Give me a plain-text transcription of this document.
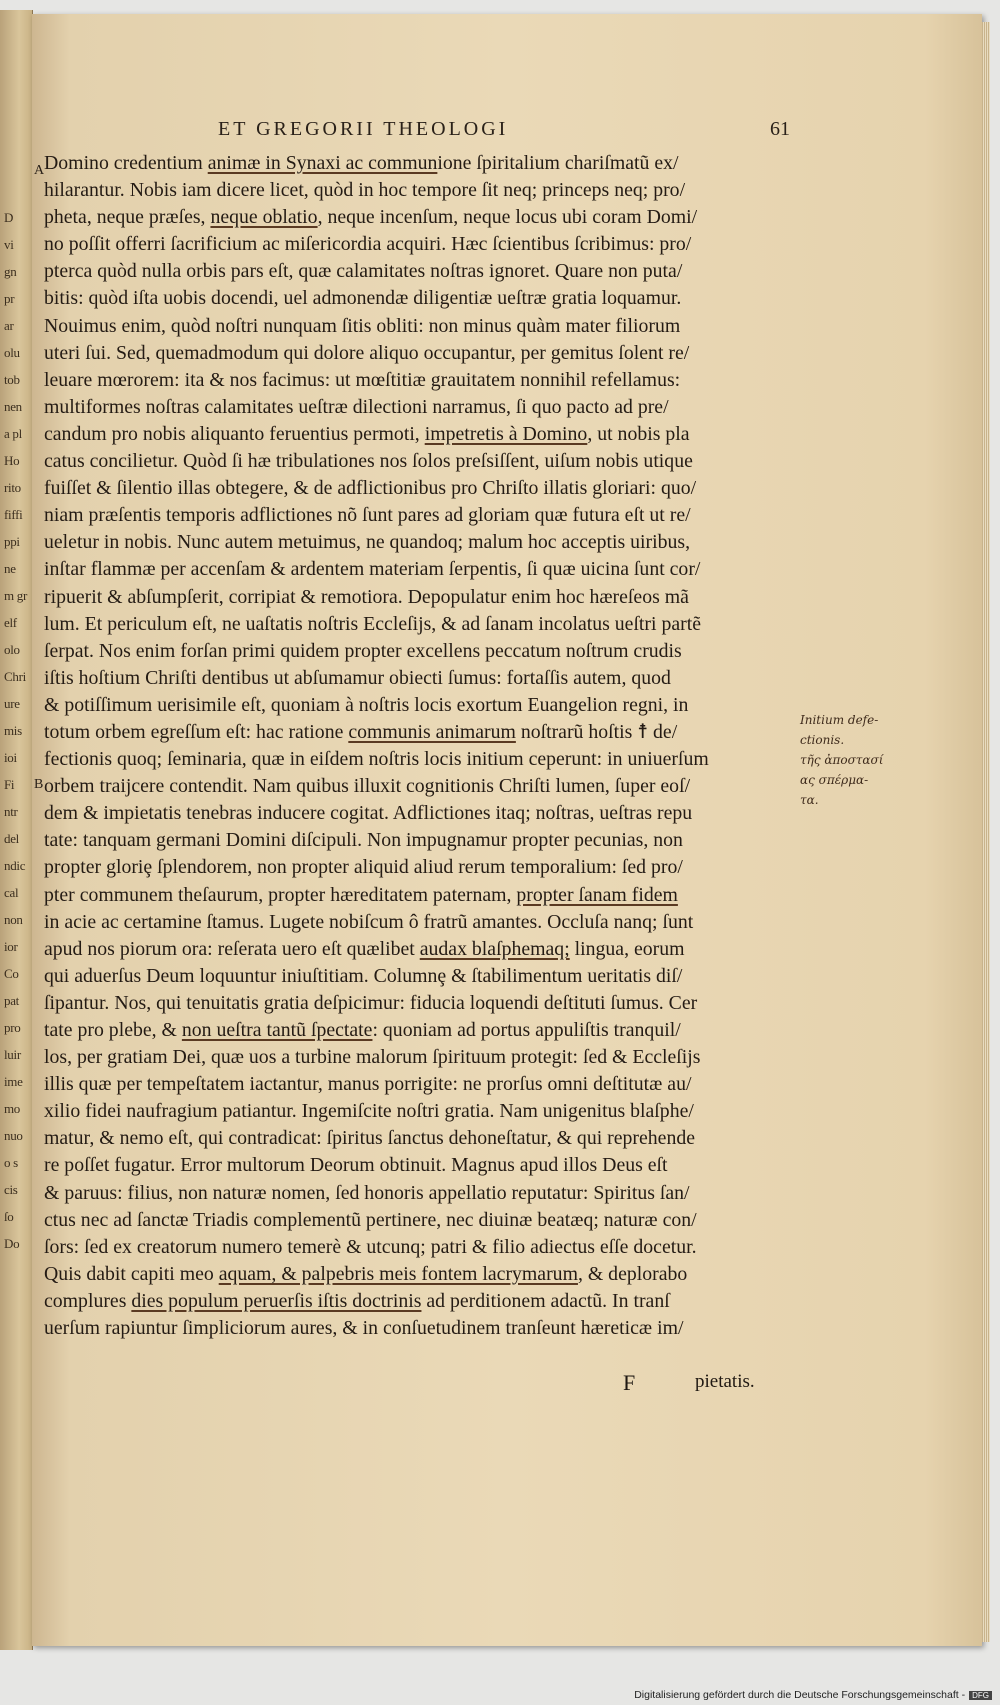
D
vi
gn
pr
ar
olu
tob
nen
a pl
Ho
rito
fiffi
ppi
ne
m gr
elf
olo
Chri
ure
mis
ioi
Fi
ntr
del
ndic
cal
non
ior
Co
pat
pro
luir
ime
mo
nuo
o s
cis
ſo
Do
ET GREGORII THEOLOGI	61
A
B
Domino credentium animæ in Synaxi ac communione ſpiritalium chariſmatũ ex/
hilarantur. Nobis iam dicere licet, quòd in hoc tempore ſit neq; princeps neq; pro/
pheta, neque præſes, neque oblatio, neque incenſum, neque locus ubi coram Domi/
no poſſit offerri ſacrificium ac miſericordia acquiri. Hæc ſcientibus ſcribimus: pro/
pterca quòd nulla orbis pars eſt, quæ calamitates noſtras ignoret. Quare non puta/
bitis: quòd iſta uobis docendi, uel admonendæ diligentiæ ueſtræ gratia loquamur.
Nouimus enim, quòd noſtri nunquam ſitis obliti: non minus quàm mater filiorum
uteri ſui. Sed, quemadmodum qui dolore aliquo occupantur, per gemitus ſolent re/
leuare mœrorem: ita & nos facimus: ut mœſtitiæ grauitatem nonnihil refellamus:
multiformes noſtras calamitates ueſtræ dilectioni narramus, ſi quo pacto ad pre/
candum pro nobis aliquanto feruentius permoti, impetretis à Domino, ut nobis pla
catus concilietur. Quòd ſi hæ tribulationes nos ſolos preſsiſſent, uiſum nobis utique
fuiſſet & ſilentio illas obtegere, & de adflictionibus pro Chriſto illatis gloriari: quo/
niam præſentis temporis adflictiones nõ ſunt pares ad gloriam quæ futura eſt ut re/
ueletur in nobis. Nunc autem metuimus, ne quandoq; malum hoc acceptis uiribus,
inſtar flammæ per accenſam & ardentem materiam ſerpentis, ſi quæ uicina ſunt cor/
ripuerit & abſumpſerit, corripiat & remotiora. Depopulatur enim hoc hæreſeos mã
lum. Et periculum eſt, ne uaſtatis noſtris Eccleſijs, & ad ſanam incolatus ueſtri partẽ
ſerpat. Nos enim forſan primi quidem propter excellens peccatum noſtrum crudis
iſtis hoſtium Chriſti dentibus ut abſumamur obiecti ſumus: fortaſſis autem, quod
& potiſſimum uerisimile eſt, quoniam à noſtris locis exortum Euangelion regni, in
totum orbem egreſſum eſt: hac ratione communis animarum noſtrarũ hoſtis ☨ de/
fectionis quoq; ſeminaria, quæ in eiſdem noſtris locis initium ceperunt: in uniuerſum
orbem traijcere contendit. Nam quibus illuxit cognitionis Chriſti lumen, ſuper eoſ/
dem & impietatis tenebras inducere cogitat. Adflictiones itaq; noſtras, ueſtras repu
tate: tanquam germani Domini diſcipuli. Non impugnamur propter pecunias, non
propter gloriȩ ſplendorem, non propter aliquid aliud rerum temporalium: ſed pro/
pter communem theſaurum, propter hæreditatem paternam, propter ſanam fidem
in acie ac certamine ſtamus. Lugete nobiſcum ô fratrũ amantes. Occluſa nanq; ſunt
apud nos piorum ora: reſerata uero eſt quælibet audax blaſphemaq; lingua, eorum
qui aduerſus Deum loquuntur iniuſtitiam. Columnȩ & ſtabilimentum ueritatis diſ/
ſipantur. Nos, qui tenuitatis gratia deſpicimur: fiducia loquendi deſtituti ſumus. Cer
tate pro plebe, & non ueſtra tantũ ſpectate: quoniam ad portus appuliſtis tranquil/
los, per gratiam Dei, quæ uos a turbine malorum ſpirituum protegit: ſed & Eccleſijs
illis quæ per tempeſtatem iactantur, manus porrigite: ne prorſus omni deſtitutæ au/
xilio fidei naufragium patiantur. Ingemiſcite noſtri gratia. Nam unigenitus blaſphe/
matur, & nemo eſt, qui contradicat: ſpiritus ſanctus dehoneſtatur, & qui reprehende
re poſſet fugatur. Error multorum Deorum obtinuit. Magnus apud illos Deus eſt
& paruus: filius, non naturæ nomen, ſed honoris appellatio reputatur: Spiritus ſan/
ctus nec ad ſanctæ Triadis complementũ pertinere, nec diuinæ beatæq; naturæ con/
ſors: ſed ex creatorum numero temerè & utcunq; patri & filio adiectus eſſe docetur.
Quis dabit capiti meo aquam, & palpebris meis fontem lacrymarum, & deplorabo
complures dies populum peruerſis iſtis doctrinis ad perditionem adactũ. In tranſ
uerſum rapiuntur ſimpliciorum aures, & in conſuetudinem tranſeunt hæreticæ im/
Initium defe-
ctionis.
τῆς ἀποστασί
ας σπέρμα-
τα.
F	pietatis.
Digitalisierung gefördert durch die Deutsche Forschungsgemeinschaft - DFG
